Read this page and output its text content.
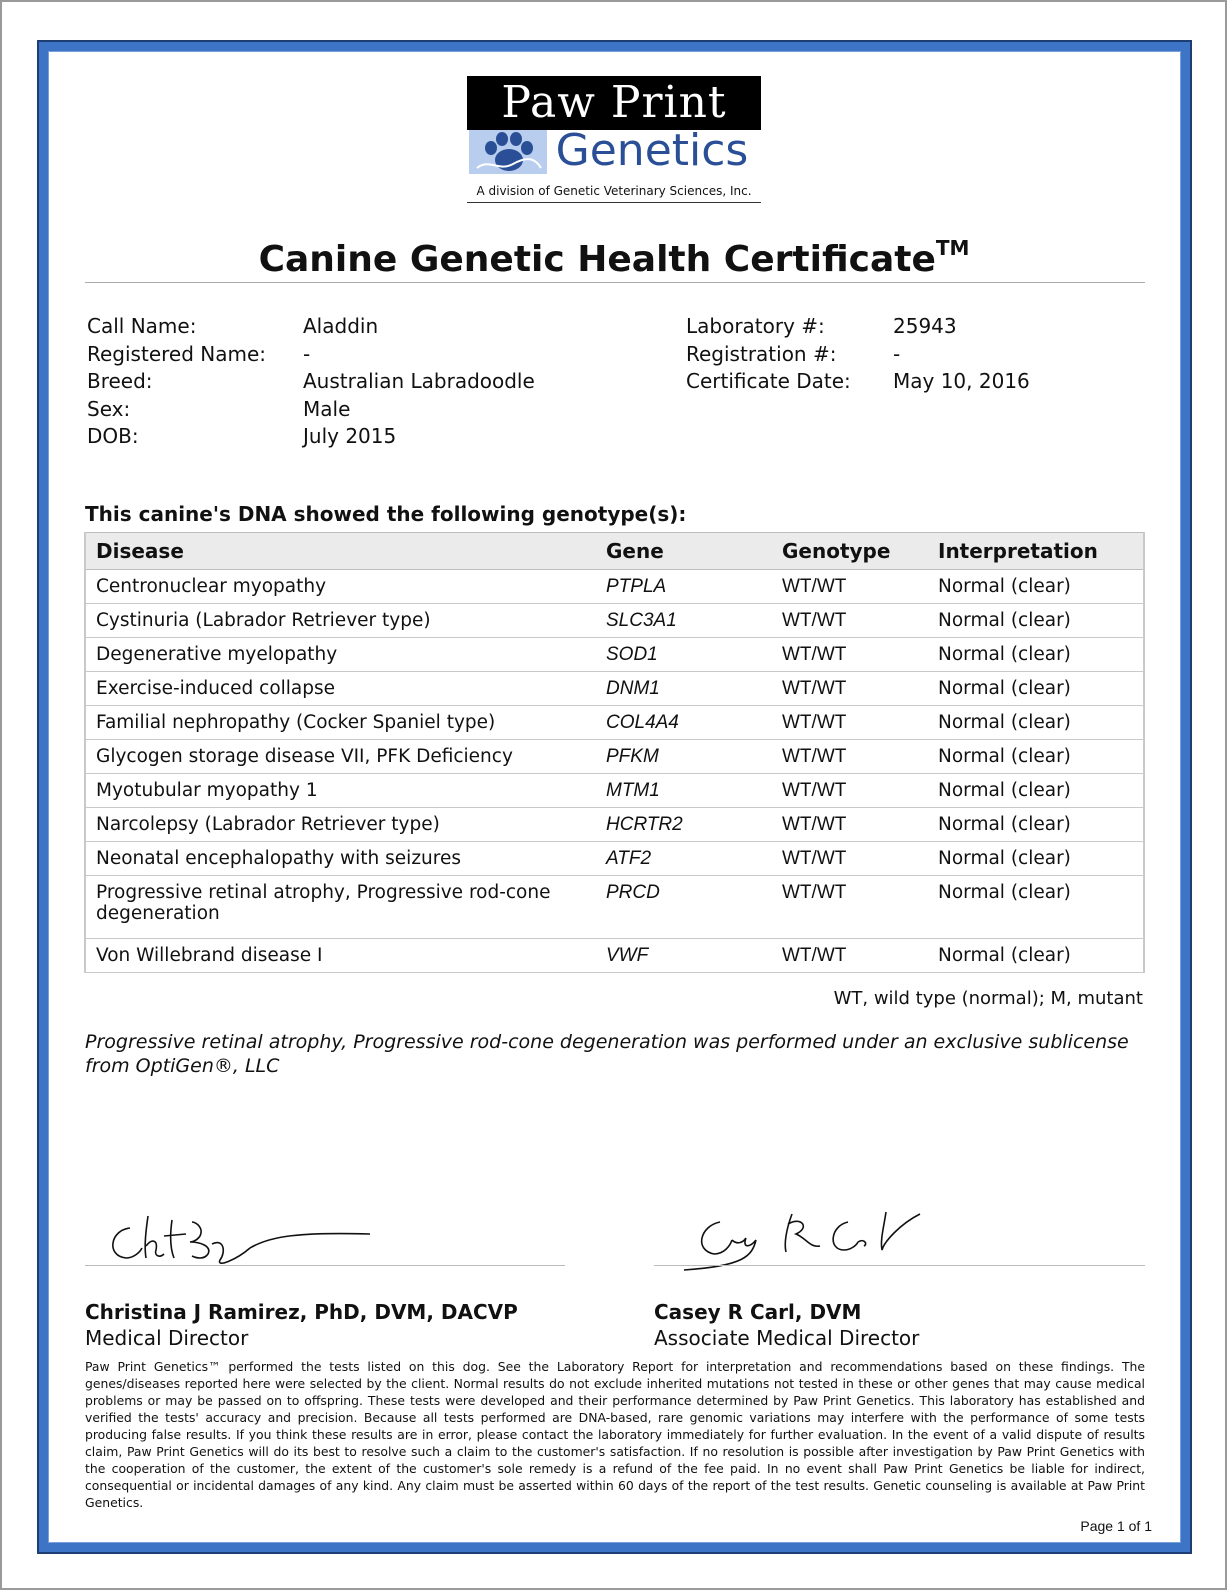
Paw Print
Genetics
A division of Genetic Veterinary Sciences, Inc.
Canine Genetic Health Certificate™
Call Name:	Aladdin
Registered Name: -
Breed:	Australian Labradoodle
Sex:	Male
DOB:	July 2015
Laboratory #:	25943
Registration #:	-
Certificate Date: May 10, 2016
This canine's DNA showed the following genotype(s):
Disease	Gene	Genotype	Interpretation
Centronuclear myopathy	PTPLA	WT/WT	Normal (clear)
Cystinuria (Labrador Retriever type)	SLC3A1	WT/WT	Normal (clear)
Degenerative myelopathy	SOD1	WT/WT	Normal (clear)
Exercise-induced collapse	DNM1	WT/WT	Normal (clear)
Familial nephropathy (Cocker Spaniel type)	COL4A4	WT/WT	Normal (clear)
Glycogen storage disease VII, PFK Deficiency	PFKM	WT/WT	Normal (clear)
Myotubular myopathy 1	MTM1	WT/WT	Normal (clear)
Narcolepsy (Labrador Retriever type)	HCRTR2	WT/WT	Normal (clear)
Neonatal encephalopathy with seizures	ATF2	WT/WT	Normal (clear)
Progressive retinal atrophy, Progressive rod-cone degeneration	PRCD	WT/WT	Normal (clear)
Von Willebrand disease I	VWF	WT/WT	Normal (clear)
WT, wild type (normal); M, mutant
Progressive retinal atrophy, Progressive rod-cone degeneration was performed under an exclusive sublicense from OptiGen®, LLC
Christina J Ramirez, PhD, DVM, DACVP
Medical Director
Casey R Carl, DVM
Associate Medical Director
Paw Print Genetics™ performed the tests listed on this dog. See the Laboratory Report for interpretation and recommendations based on these findings. The genes/diseases reported here were selected by the client. Normal results do not exclude inherited mutations not tested in these or other genes that may cause medical problems or may be passed on to offspring. These tests were developed and their performance determined by Paw Print Genetics. This laboratory has established and verified the tests' accuracy and precision. Because all tests performed are DNA-based, rare genomic variations may interfere with the performance of some tests producing false results. If you think these results are in error, please contact the laboratory immediately for further evaluation. In the event of a valid dispute of results claim, Paw Print Genetics will do its best to resolve such a claim to the customer's satisfaction. If no resolution is possible after investigation by Paw Print Genetics with the cooperation of the customer, the extent of the customer's sole remedy is a refund of the fee paid. In no event shall Paw Print Genetics be liable for indirect, consequential or incidental damages of any kind. Any claim must be asserted within 60 days of the report of the test results. Genetic counseling is available at Paw Print Genetics.
Page 1 of 1
